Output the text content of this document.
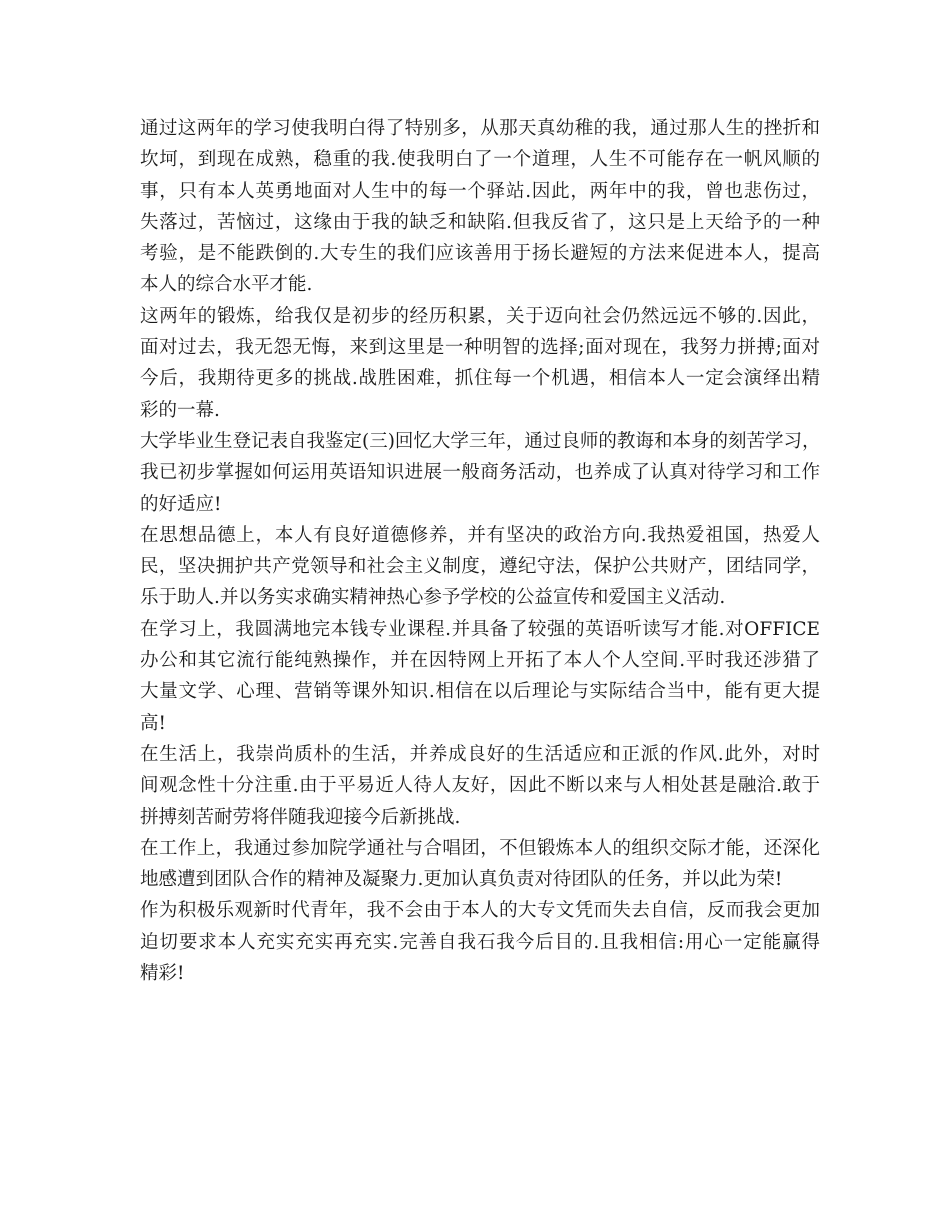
通过这两年的学习使我明白得了特别多，从那天真幼稚的我，通过那人生的挫折和
坎坷，到现在成熟，稳重的我.使我明白了一个道理，人生不可能存在一帆风顺的
事，只有本人英勇地面对人生中的每一个驿站.因此，两年中的我，曾也悲伤过，
失落过，苦恼过，这缘由于我的缺乏和缺陷.但我反省了，这只是上天给予的一种
考验，是不能跌倒的.大专生的我们应该善用于扬长避短的方法来促进本人，提高
本人的综合水平才能.
这两年的锻炼，给我仅是初步的经历积累，关于迈向社会仍然远远不够的.因此，
面对过去，我无怨无悔，来到这里是一种明智的选择;面对现在，我努力拼搏;面对
今后，我期待更多的挑战.战胜困难，抓住每一个机遇，相信本人一定会演绎出精
彩的一幕.
大学毕业生登记表自我鉴定(三)回忆大学三年，通过良师的教诲和本身的刻苦学习，
我已初步掌握如何运用英语知识进展一般商务活动，也养成了认真对待学习和工作
的好适应!
在思想品德上，本人有良好道德修养，并有坚决的政治方向.我热爱祖国，热爱人
民，坚决拥护共产党领导和社会主义制度，遵纪守法，保护公共财产，团结同学，
乐于助人.并以务实求确实精神热心参予学校的公益宣传和爱国主义活动.
在学习上，我圆满地完本钱专业课程.并具备了较强的英语听读写才能.对OFFICE
办公和其它流行能纯熟操作，并在因特网上开拓了本人个人空间.平时我还涉猎了
大量文学、心理、营销等课外知识.相信在以后理论与实际结合当中，能有更大提
高!
在生活上，我崇尚质朴的生活，并养成良好的生活适应和正派的作风.此外，对时
间观念性十分注重.由于平易近人待人友好，因此不断以来与人相处甚是融洽.敢于
拼搏刻苦耐劳将伴随我迎接今后新挑战.
在工作上，我通过参加院学通社与合唱团，不但锻炼本人的组织交际才能，还深化
地感遭到团队合作的精神及凝聚力.更加认真负责对待团队的任务，并以此为荣!
作为积极乐观新时代青年，我不会由于本人的大专文凭而失去自信，反而我会更加
迫切要求本人充实充实再充实.完善自我石我今后目的.且我相信:用心一定能赢得
精彩!
